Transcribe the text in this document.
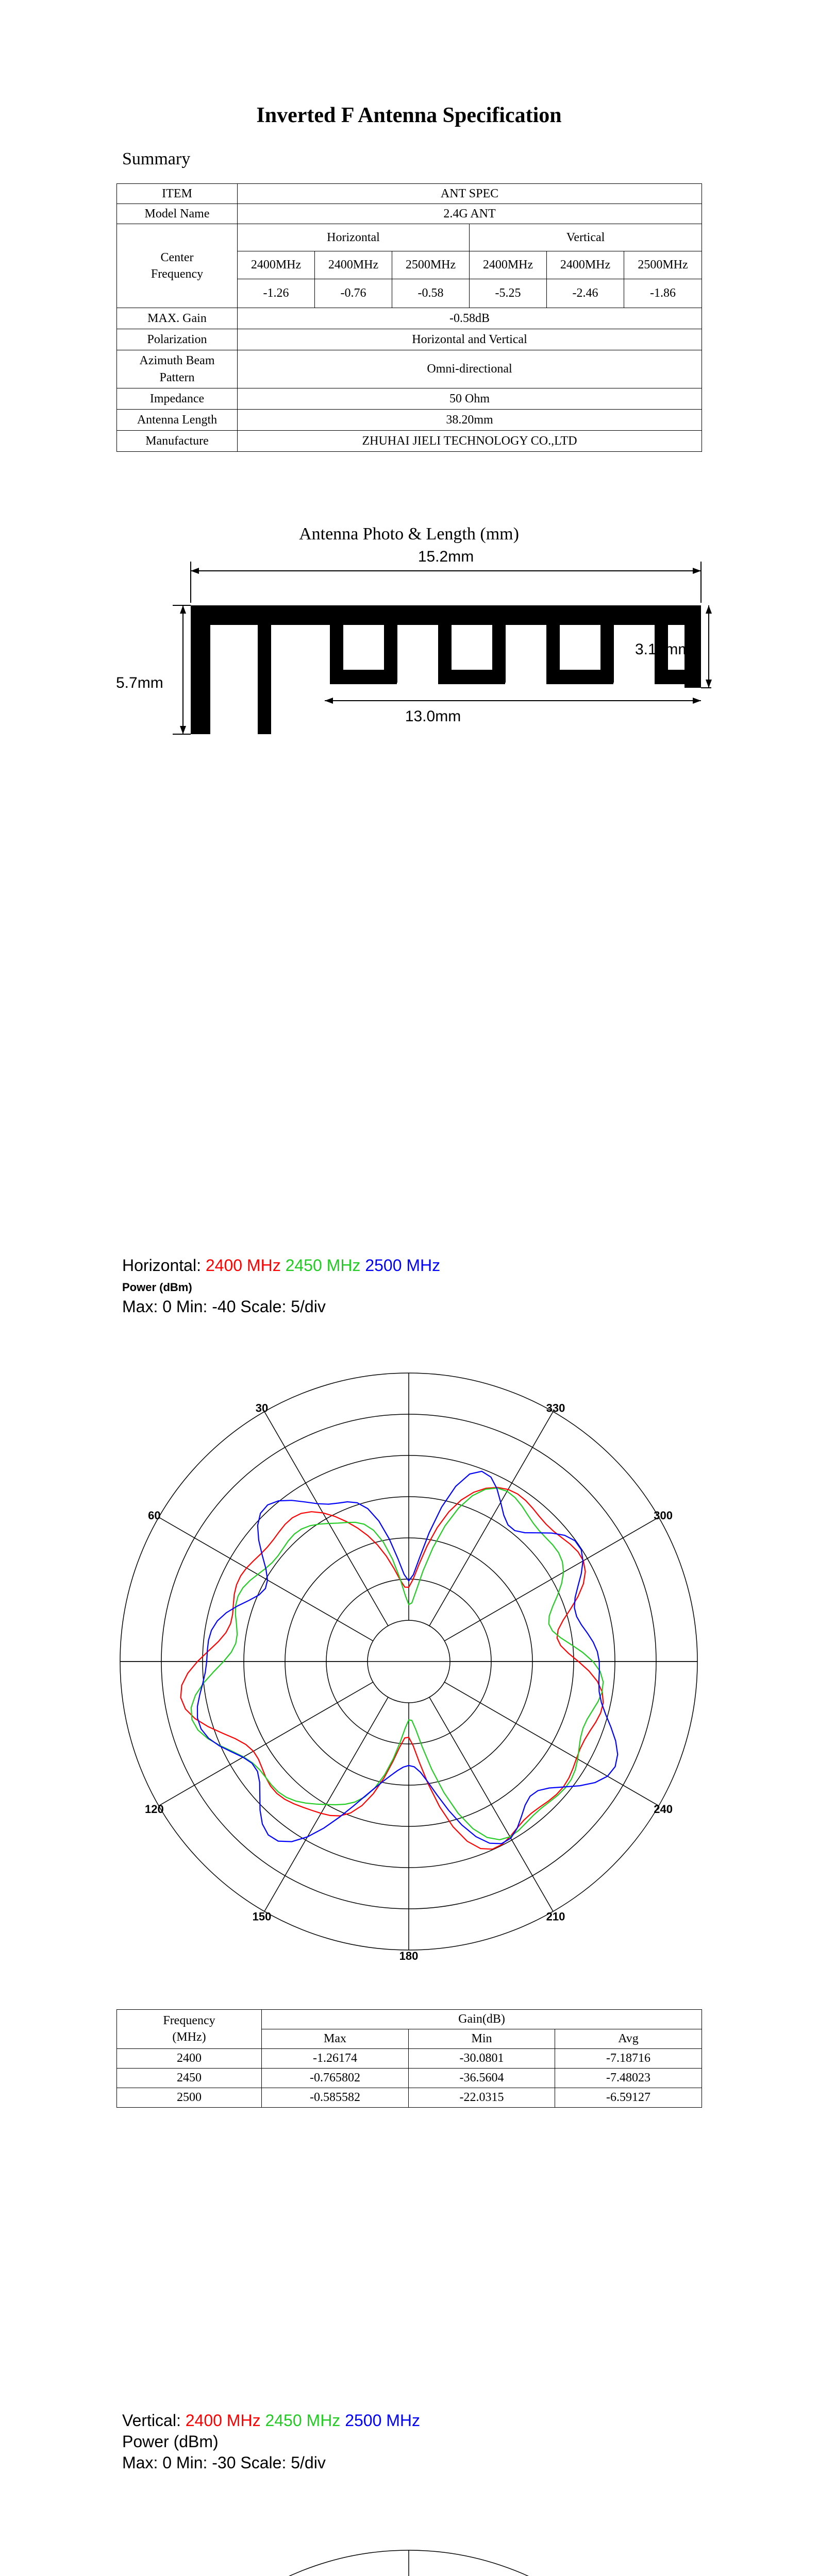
Inverted F Antenna Specification
Summary
ITEM	ANT SPEC					
Model Name	2.4G ANT					
Center
Frequency	Horizontal			Vertical		
	2400MHz	2400MHz	2500MHz	2400MHz	2400MHz	2500MHz
	-1.26	-0.76	-0.58	-5.25	-2.46	-1.86
MAX. Gain	-0.58dB					
Polarization	Horizontal and Vertical					
Azimuth Beam
Pattern	Omni-directional					
Impedance	50 Ohm					
Antenna Length	38.20mm					
Manufacture	ZHUHAI JIELI TECHNOLOGY CO.,LTD					
Antenna Photo & Length (mm)
15.2mm
5.7mm
3.14mm
13.0mm
Horizontal: 2400 MHz 2450 MHz 2500 MHz
Power (dBm)
Max: 0 Min: -40 Scale: 5/div
30	330
60	300
120	240
150	210
180
Frequency
(MHz)	Gain(dB)		
	Max	Min	Avg
2400	-1.26174	-30.0801	-7.18716
2450	-0.765802	-36.5604	-7.48023
2500	-0.585582	-22.0315	-6.59127
Vertical: 2400 MHz 2450 MHz 2500 MHz
Power (dBm)
Max: 0 Min: -30 Scale: 5/div
